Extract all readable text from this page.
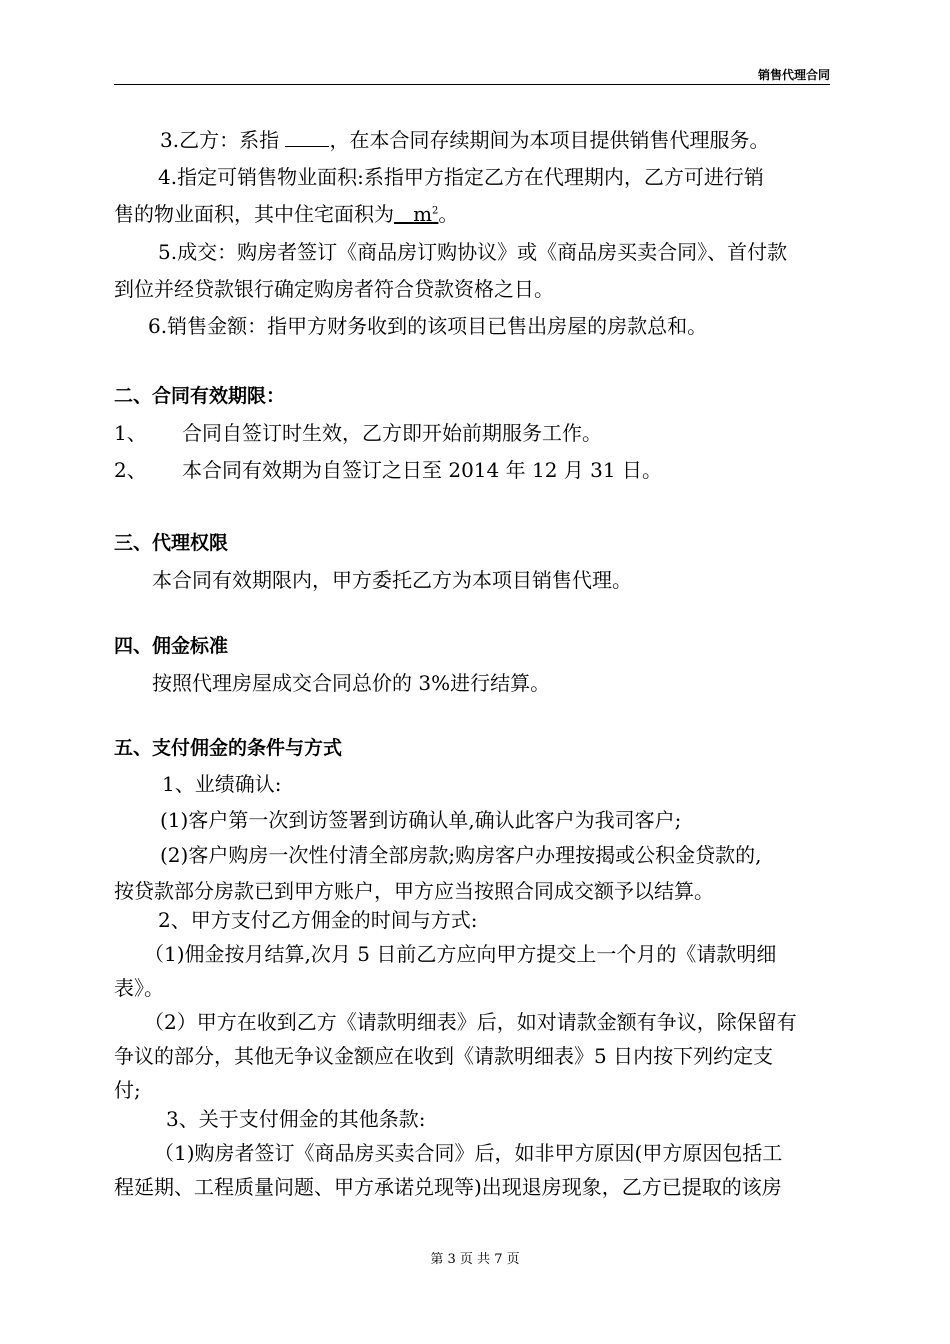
销售代理合同
3.乙方：系指 ，在本合同存续期间为本项目提供销售代理服务。
4.指定可销售物业面积:系指甲方指定乙方在代理期内，乙方可进行销
售的物业面积，其中住宅面积为 $m^2$。
5.成交：购房者签订《商品房订购协议》或《商品房买卖合同》、首付款
到位并经贷款银行确定购房者符合贷款资格之日。
6.销售金额：指甲方财务收到的该项目已售出房屋的房款总和。
二、合同有效期限：
1、 合同自签订时生效，乙方即开始前期服务工作。
2、 本合同有效期为自签订之日至 2014 年 12 月 31 日。
三、代理权限
本合同有效期限内，甲方委托乙方为本项目销售代理。
四、佣金标准
按照代理房屋成交合同总价的 3%进行结算。
五、支付佣金的条件与方式
1、业绩确认:
(1)客户第一次到访签署到访确认单,确认此客户为我司客户;
(2)客户购房一次性付清全部房款;购房客户办理按揭或公积金贷款的,
按贷款部分房款已到甲方账户，甲方应当按照合同成交额予以结算。
2、甲方支付乙方佣金的时间与方式:
（1)佣金按月结算,次月 5 日前乙方应向甲方提交上一个月的《请款明细
表》。
（2）甲方在收到乙方《请款明细表》后，如对请款金额有争议，除保留有
争议的部分，其他无争议金额应在收到《请款明细表》5 日内按下列约定支
付;
3、关于支付佣金的其他条款:
（1)购房者签订《商品房买卖合同》后，如非甲方原因(甲方原因包括工
程延期、工程质量问题、甲方承诺兑现等)出现退房现象，乙方已提取的该房
第 3 页 共 7 页
